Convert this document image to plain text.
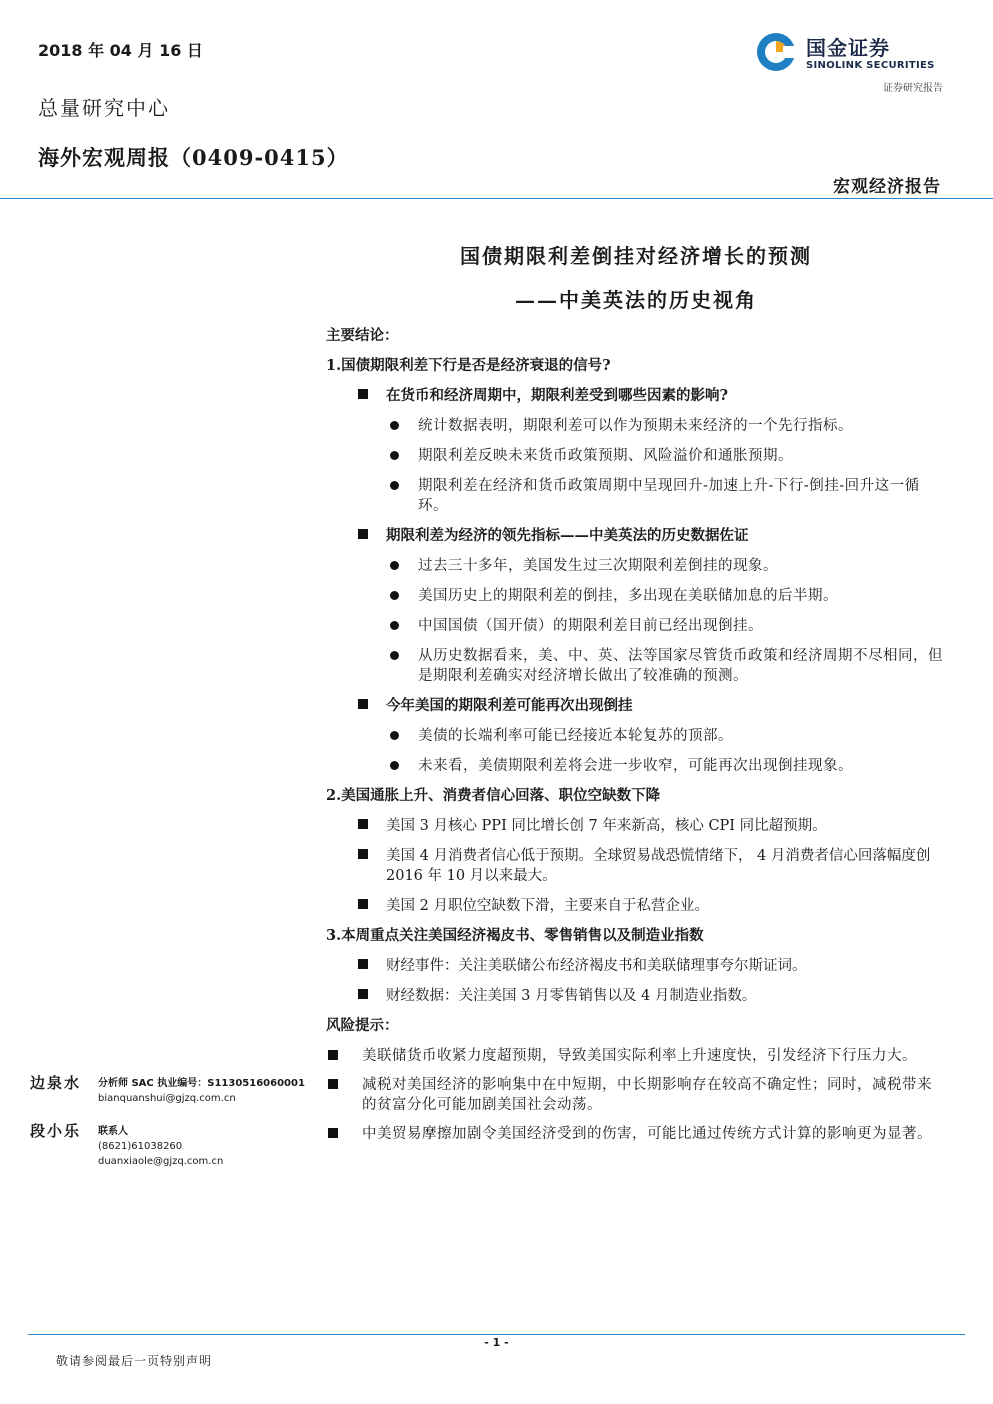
2018 年 04 月 16 日
总量研究中心
海外宏观周报（0409-0415）
国金证券
SINOLINK SECURITIES
证券研究报告
宏观经济报告
国债期限利差倒挂对经济增长的预测
——中美英法的历史视角

主要结论：

1.国债期限利差下行是否是经济衰退的信号?

在货币和经济周期中，期限利差受到哪些因素的影响?
统计数据表明，期限利差可以作为预期未来经济的一个先行指标。
期限利差反映未来货币政策预期、风险溢价和通胀预期。
期限利差在经济和货币政策周期中呈现回升-加速上升-下行-倒挂-回升这一循环。
期限利差为经济的领先指标——中美英法的历史数据佐证
过去三十多年，美国发生过三次期限利差倒挂的现象。
美国历史上的期限利差的倒挂，多出现在美联储加息的后半期。
中国国债（国开债）的期限利差目前已经出现倒挂。
从历史数据看来，美、中、英、法等国家尽管货币政策和经济周期不尽相同，但是期限利差确实对经济增长做出了较准确的预测。
今年美国的期限利差可能再次出现倒挂
美债的长端利率可能已经接近本轮复苏的顶部。
未来看，美债期限利差将会进一步收窄，可能再次出现倒挂现象。

2.美国通胀上升、消费者信心回落、职位空缺数下降

美国 3 月核心 PPI 同比增长创 7 年来新高，核心 CPI 同比超预期。
美国 4 月消费者信心低于预期。全球贸易战恐慌情绪下， 4 月消费者信心回落幅度创 2016 年 10 月以来最大。
美国 2 月职位空缺数下滑，主要来自于私营企业。

3.本周重点关注美国经济褐皮书、零售销售以及制造业指数

财经事件：关注美联储公布经济褐皮书和美联储理事夸尔斯证词。
财经数据：关注美国 3 月零售销售以及 4 月制造业指数。

风险提示：

美联储货币收紧力度超预期，导致美国实际利率上升速度快，引发经济下行压力大。
减税对美国经济的影响集中在中短期，中长期影响存在较高不确定性；同时，减税带来的贫富分化可能加剧美国社会动荡。
中美贸易摩擦加剧令美国经济受到的伤害，可能比通过传统方式计算的影响更为显著。
边泉水 分析师 SAC 执业编号：S1130516060001
bianquanshui@gjzq.com.cn
段小乐 联系人
(8621)61038260
duanxiaole@gjzq.com.cn
- 1 -
敬请参阅最后一页特别声明
